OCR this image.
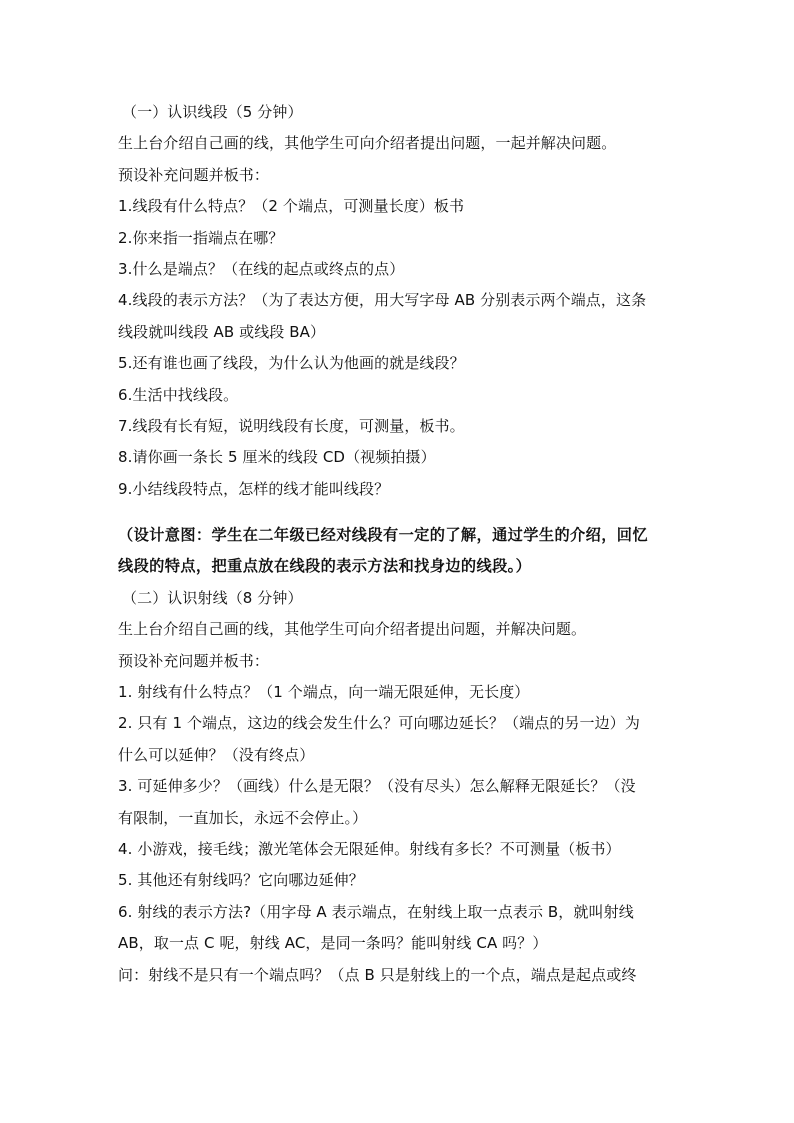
（一）认识线段（5 分钟）
生上台介绍自己画的线，其他学生可向介绍者提出问题，一起并解决问题。
预设补充问题并板书：
1.线段有什么特点？（2 个端点，可测量长度）板书
2.你来指一指端点在哪？
3.什么是端点？（在线的起点或终点的点）
4.线段的表示方法？（为了表达方便，用大写字母 AB 分别表示两个端点，这条
线段就叫线段 AB 或线段 BA）
5.还有谁也画了线段，为什么认为他画的就是线段？
6.生活中找线段。
7.线段有长有短，说明线段有长度，可测量，板书。
8.请你画一条长 5 厘米的线段 CD（视频拍摄）
9.小结线段特点，怎样的线才能叫线段？
（设计意图：学生在二年级已经对线段有一定的了解，通过学生的介绍，回忆
线段的特点，把重点放在线段的表示方法和找身边的线段。）
（二）认识射线（8 分钟）
生上台介绍自己画的线，其他学生可向介绍者提出问题，并解决问题。
预设补充问题并板书：
1. 射线有什么特点？（1 个端点，向一端无限延伸，无长度）
2. 只有 1 个端点，这边的线会发生什么？可向哪边延长？（端点的另一边）为
什么可以延伸？（没有终点）
3. 可延伸多少？（画线）什么是无限？（没有尽头）怎么解释无限延长？（没
有限制，一直加长，永远不会停止。）
4. 小游戏，接毛线；激光笔体会无限延伸。射线有多长？不可测量（板书）
5. 其他还有射线吗？它向哪边延伸？
6. 射线的表示方法?（用字母 A 表示端点，在射线上取一点表示 B，就叫射线
AB，取一点 C 呢，射线 AC，是同一条吗？能叫射线 CA 吗？）
问：射线不是只有一个端点吗？（点 B 只是射线上的一个点，端点是起点或终
